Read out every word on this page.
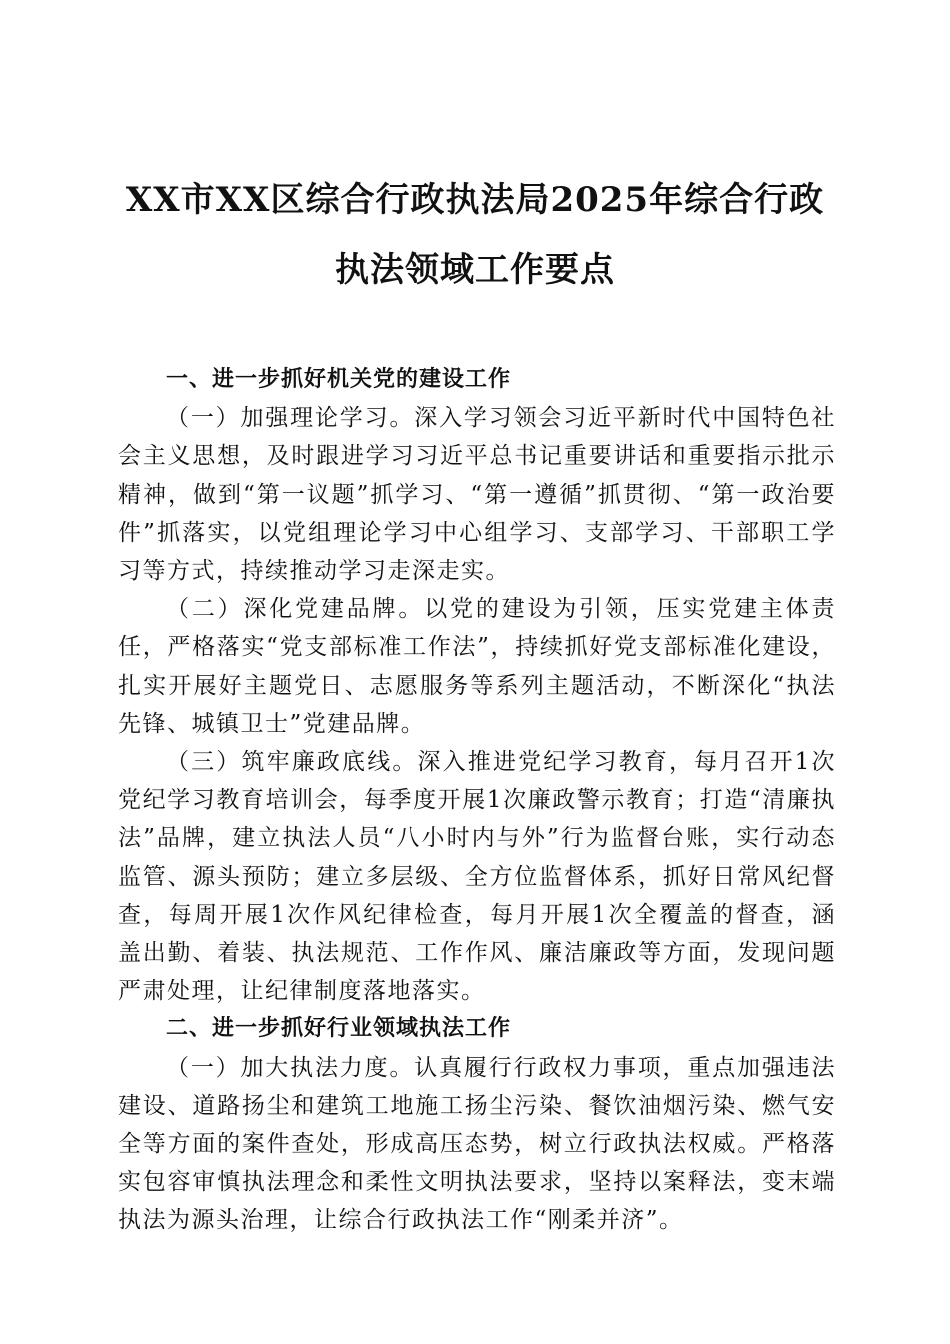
XX市XX区综合行政执法局2025年综合行政
执法领域工作要点
一、进一步抓好机关党的建设工作
（一）加强理论学习。深入学习领会习近平新时代中国特色社会主义思想，及时跟进学习习近平总书记重要讲话和重要指示批示精神，做到“第一议题”抓学习、“第一遵循”抓贯彻、“第一政治要件”抓落实，以党组理论学习中心组学习、支部学习、干部职工学习等方式，持续推动学习走深走实。
（二）深化党建品牌。以党的建设为引领，压实党建主体责任，严格落实“党支部标准工作法”，持续抓好党支部标准化建设，扎实开展好主题党日、志愿服务等系列主题活动，不断深化“执法先锋、城镇卫士”党建品牌。
（三）筑牢廉政底线。深入推进党纪学习教育，每月召开1次党纪学习教育培训会，每季度开展1次廉政警示教育；打造“清廉执法”品牌，建立执法人员“八小时内与外”行为监督台账，实行动态监管、源头预防；建立多层级、全方位监督体系，抓好日常风纪督查，每周开展1次作风纪律检查，每月开展1次全覆盖的督查，涵盖出勤、着装、执法规范、工作作风、廉洁廉政等方面，发现问题严肃处理，让纪律制度落地落实。
二、进一步抓好行业领域执法工作
（一）加大执法力度。认真履行行政权力事项，重点加强违法建设、道路扬尘和建筑工地施工扬尘污染、餐饮油烟污染、燃气安全等方面的案件查处，形成高压态势，树立行政执法权威。严格落实包容审慎执法理念和柔性文明执法要求，坚持以案释法，变末端执法为源头治理，让综合行政执法工作“刚柔并济”。
